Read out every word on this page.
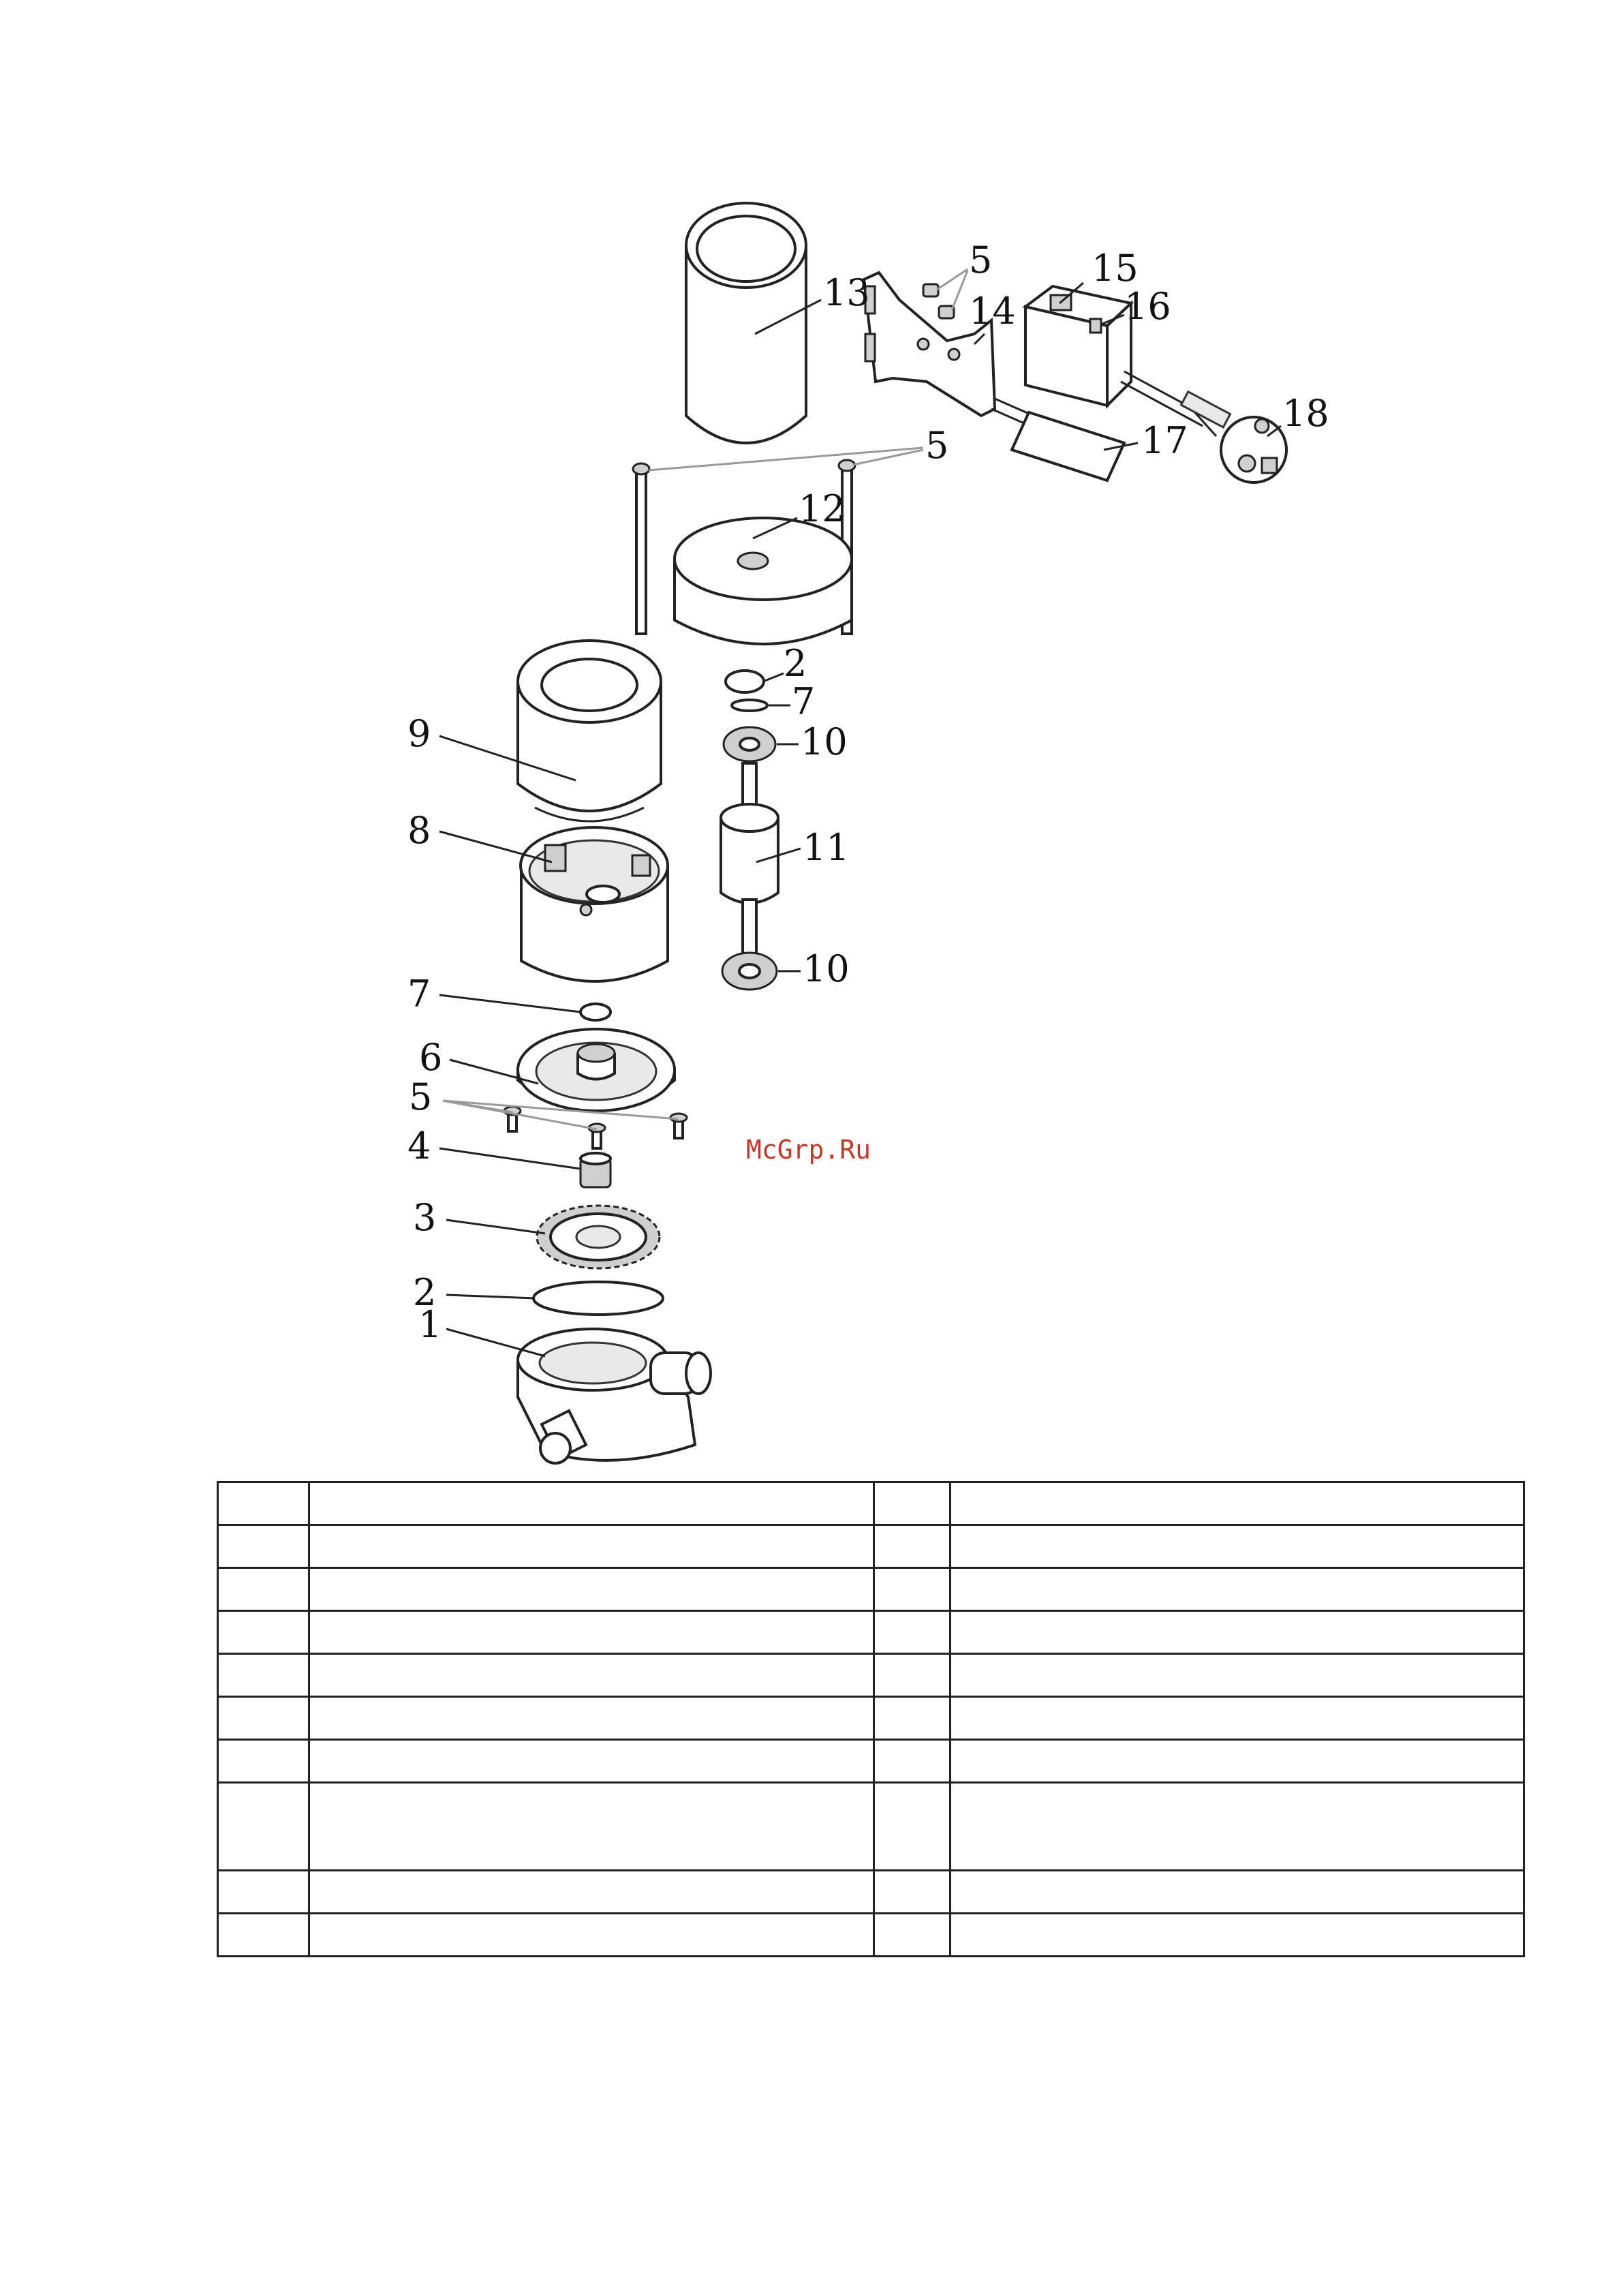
13
5
14
15
16
18
17
5
12
2
7
10
9
11
8
10
7
6
5
4
3
2
1
McGrp.Ru
